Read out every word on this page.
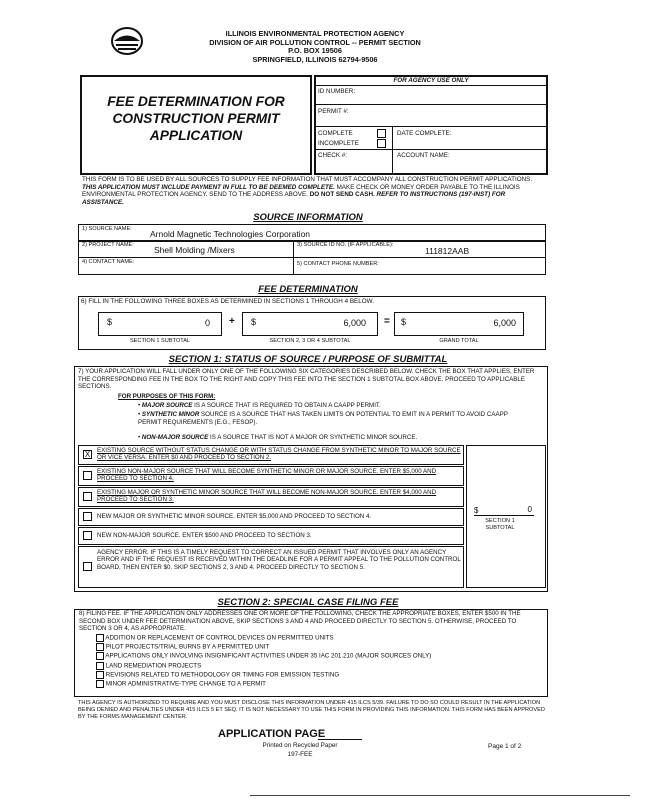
ILLINOIS ENVIRONMENTAL PROTECTION AGENCY
DIVISION OF AIR POLLUTION CONTROL -- PERMIT SECTION
P.O. BOX 19506
SPRINGFIELD, ILLINOIS 62794-9506
FEE DETERMINATION FOR
CONSTRUCTION PERMIT
APPLICATION
FOR AGENCY USE ONLY
ID NUMBER:
PERMIT #:
COMPLETE
INCOMPLETE
DATE COMPLETE:
CHECK #:	ACCOUNT NAME:
THIS FORM IS TO BE USED BY ALL SOURCES TO SUPPLY FEE INFORMATION THAT MUST ACCOMPANY ALL CONSTRUCTION PERMIT APPLICATIONS. THIS APPLICATION MUST INCLUDE PAYMENT IN FULL TO BE DEEMED COMPLETE. MAKE CHECK OR MONEY ORDER PAYABLE TO THE ILLINOIS ENVIRONMENTAL PROTECTION AGENCY. SEND TO THE ADDRESS ABOVE. DO NOT SEND CASH. REFER TO INSTRUCTIONS (197-INST) FOR ASSISTANCE.
SOURCE INFORMATION
1) SOURCE NAME: Arnold Magnetic Technologies Corporation
2) PROJECT NAME: Shell Molding /Mixers	3) SOURCE ID NO. (IF APPLICABLE):
111812AAB
4) CONTACT NAME:	5) CONTACT PHONE NUMBER:
FEE DETERMINATION
6) FILL IN THE FOLLOWING THREE BOXES AS DETERMINED IN SECTIONS 1 THROUGH 4 BELOW.
$	0 + $	6,000 = $	6,000
SECTION 1 SUBTOTAL	SECTION 2, 3 OR 4 SUBTOTAL	GRAND TOTAL
SECTION 1: STATUS OF SOURCE / PURPOSE OF SUBMITTAL
7) YOUR APPLICATION WILL FALL UNDER ONLY ONE OF THE FOLLOWING SIX CATEGORIES DESCRIBED BELOW. CHECK THE BOX THAT APPLIES, ENTER THE CORRESPONDING FEE IN THE BOX TO THE RIGHT AND COPY THIS FEE INTO THE SECTION 1 SUBTOTAL BOX ABOVE. PROCEED TO APPLICABLE SECTIONS.
FOR PURPOSES OF THIS FORM:
• MAJOR SOURCE IS A SOURCE THAT IS REQUIRED TO OBTAIN A CAAPP PERMIT.
• SYNTHETIC MINOR SOURCE IS A SOURCE THAT HAS TAKEN LIMITS ON POTENTIAL TO EMIT IN A PERMIT TO AVOID CAAPP PERMIT REQUIREMENTS (E.G., FESOP).
• NON-MAJOR SOURCE IS A SOURCE THAT IS NOT A MAJOR OR SYNTHETIC MINOR SOURCE.
X EXISTING SOURCE WITHOUT STATUS CHANGE OR WITH STATUS CHANGE FROM SYNTHETIC MINOR TO MAJOR SOURCE OR VICE VERSA. ENTER $0 AND PROCEED TO SECTION 2.
EXISTING NON-MAJOR SOURCE THAT WILL BECOME SYNTHETIC MINOR OR MAJOR SOURCE. ENTER $5,000 AND PROCEED TO SECTION 4.
EXISTING MAJOR OR SYNTHETIC MINOR SOURCE THAT WILL BECOME NON-MAJOR SOURCE. ENTER $4,000 AND PROCEED TO SECTION 3.
NEW MAJOR OR SYNTHETIC MINOR SOURCE. ENTER $5,000 AND PROCEED TO SECTION 4.
NEW NON-MAJOR SOURCE. ENTER $500 AND PROCEED TO SECTION 3.
AGENCY ERROR. IF THIS IS A TIMELY REQUEST TO CORRECT AN ISSUED PERMIT THAT INVOLVES ONLY AN AGENCY ERROR AND IF THE REQUEST IS RECEIVED WITHIN THE DEADLINE FOR A PERMIT APPEAL TO THE POLLUTION CONTROL BOARD, THEN ENTER $0. SKIP SECTIONS 2, 3 AND 4. PROCEED DIRECTLY TO SECTION 5.
$	0
SECTION 1 SUBTOTAL
SECTION 2: SPECIAL CASE FILING FEE
8) FILING FEE. IF THE APPLICATION ONLY ADDRESSES ONE OR MORE OF THE FOLLOWING, CHECK THE APPROPRIATE BOXES, ENTER $500 IN THE SECOND BOX UNDER FEE DETERMINATION ABOVE, SKIP SECTIONS 3 AND 4 AND PROCEED DIRECTLY TO SECTION 5. OTHERWISE, PROCEED TO SECTION 3 OR 4, AS APPROPRIATE.
ADDITION OR REPLACEMENT OF CONTROL DEVICES ON PERMITTED UNITS
PILOT PROJECTS/TRIAL BURNS BY A PERMITTED UNIT
APPLICATIONS ONLY INVOLVING INSIGNIFICANT ACTIVITIES UNDER 35 IAC 201.210 (MAJOR SOURCES ONLY)
LAND REMEDIATION PROJECTS
REVISIONS RELATED TO METHODOLOGY OR TIMING FOR EMISSION TESTING
MINOR ADMINISTRATIVE-TYPE CHANGE TO A PERMIT
THIS AGENCY IS AUTHORIZED TO REQUIRE AND YOU MUST DISCLOSE THIS INFORMATION UNDER 415 ILCS 5/39. FAILURE TO DO SO COULD RESULT IN THE APPLICATION BEING DENIED AND PENALTIES UNDER 415 ILCS 5 ET SEQ. IT IS NOT NECESSARY TO USE THIS FORM IN PROVIDING THIS INFORMATION. THIS FORM HAS BEEN APPROVED BY THE FORMS MANAGEMENT CENTER.
APPLICATION PAGE
Printed on Recycled Paper
197-FEE
Page 1 of 2
